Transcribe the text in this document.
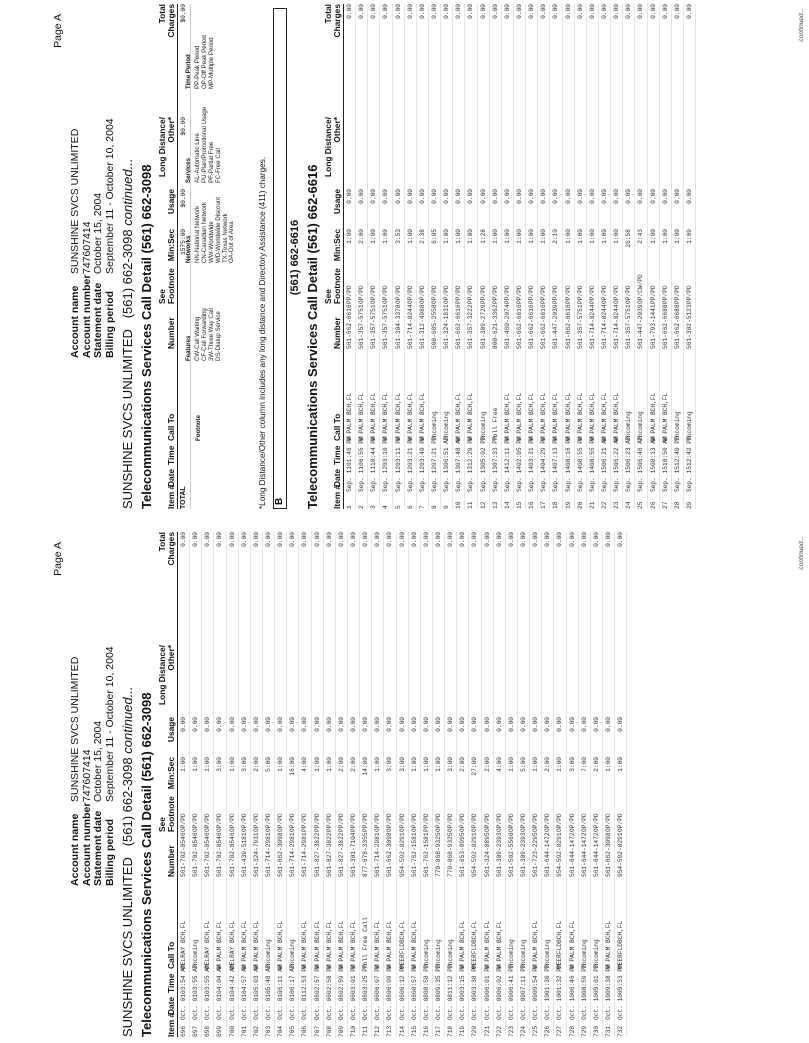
Page A
Account name
SUNSHINE SVCS UNLIMITED
Account number
747607414
Statement date
October 15, 2004
Billing period
September 11 - October 10, 2004
SUNSHINE SVCS UNLIMITED   (561) 662-3098 continued... Telecommunications Services Call Detail (561) 662-3098 Item #
Date
Time
Call To
Number
See Footnote
Min:Sec
Usage
Long Distance/ Other*
Total Charges
696
Oct. 01
03:54 AM
DELRAY BCH,FL
561-702-8546
OP/PD
1:00
0.00
0.00
697
Oct. 01
03:55 AM
Incoming
561-702-8546
OP/PD
1:00
0.00
0.00
698
Oct. 01
03:55 AM
DELRAY BCH,FL
561-702-8546
OP/PD
1:00
0.00
0.00
699
Oct. 01
04:04 AM
W PALM BCH,FL
561-702-8546
OP/PD
3:00
0.00
0.00
700
Oct. 01
04:42 AM
DELRAY BCH,FL
561-702-8546
OP/PD
1:00
0.00
0.00
701
Oct. 01
04:57 AM
W PALM BCH,FL
561-439-5181
OP/PD
3:00
0.00
0.00
702
Oct. 01
05:03 AM
W PALM BCH,FL
561-324-7931
OP/PD
2:00
0.00
0.00
703
Oct. 01
05:48 AM
Incoming
561-714-2981
OP/PD
5:00
0.00
0.00
704
Oct. 01
06:11 AM
W PALM BCH,FL
561-662-3098
OP/PD
1:00
0.00
0.00
705
Oct. 01
06:17 AM
Incoming
561-714-2981
OP/PD
16:00
0.00
0.00
706
Oct. 01
12:53 PM
W PALM BCH,FL
561-714-2981
PP/PD
4:00
0.00
0.00
707
Oct. 06
02:57 PM
W PALM BCH,FL
561-827-3822
PP/PD
1:00
0.00
0.00
708
Oct. 06
02:58 PM
W PALM BCH,FL
561-827-3822
PP/PD
1:00
0.00
0.00
709
Oct. 06
02:59 PM
W PALM BCH,FL
561-827-3822
PP/PD
2:00
0.00
0.00
710
Oct. 06
03:01 PM
W PALM BCH,FL
561-301-7104
PP/PD
2:00
0.00
0.00
711
Oct. 06
03:25 PM
Toll Free Call
877-678-3355
PP/PD
14:00
0.00
0.00
712
Oct. 06
06:07 PM
W PALM BCH,FL
561-714-2981
OP/PD
1:00
0.00
0.00
713
Oct. 06
06:09 PM
W PALM BCH,FL
561-662-3098
OP/PD
3:00
0.00
0.00
714
Oct. 06
06:12 PM
DEERFLDBCH,FL
954-592-0291
OP/PD
3:00
0.00
0.00
715
Oct. 06
08:57 PM
W PALM BCH,FL
561-762-1581
OP/PD
1:00
0.00
0.00
716
Oct. 08
08:58 PM
Incoming
561-762-1581
PP/PD
1:00
0.00
0.00
717
Oct. 08
09:35 PM
Incoming
770-868-9325
OP/PD
1:00
0.00
0.00
718
Oct. 08
11:12 PM
Incoming
770-868-9325
OP/PD
3:00
0.00
0.00
719
Oct. 09
03:15 PM
W PALM BCH,FL
561-653-0995
OP/PD
2:00
0.00
0.00
720
Oct. 09
03:38 PM
DEERFLDBCH,FL
954-592-0291
OP/PD
27:00
0.00
0.00
721
Oct. 09
06:01 PM
W PALM BCH,FL
561-324-8895
OP/PD
2:00
0.00
0.00
722
Oct. 09
06:02 PM
W PALM BCH,FL
561-309-2393
OP/PD
4:00
0.00
0.00
723
Oct. 09
06:41 PM
Incoming
561-502-5560
OP/PD
1:00
0.00
0.00
724
Oct. 09
07:11 PM
Incoming
561-309-2393
OP/PD
5:00
0.00
0.00
725
Oct. 09
09:54 PM
W PALM BCH,FL
561-723-2295
OP/PD
1:00
0.00
0.00
726
Oct. 10
01:30 PM
Incoming
561-644-1472
OP/PD
2:00
0.00
0.00
727
Oct. 10
01:32 PM
DEERFLDBCH,FL
954-592-0291
OP/PD
1:00
0.00
0.00
728
Oct. 10
06:46 PM
W PALM BCH,FL
561-644-1472
OP/PD
3:00
0.00
0.00
729
Oct. 10
08:59 PM
Incoming
561-644-1472
OP/PD
7:00
0.00
0.00
730
Oct. 10
09:01 PM
Incoming
561-644-1472
OP/PD
2:00
0.00
0.00
731
Oct. 10
09:38 PM
W PALM BCH,FL
561-662-3098
OP/PD
1:00
0.00
0.00
732
Oct. 10
09:53 PM
DEERFLDBCH,FL
954-592-0291
OP/PD
1:00
0.00
0.00	continued...
Page A
Account name
SUNSHINE SVCS UNLIMITED
Account number
747607414
Statement date
October 15, 2004
Billing period
September 11 - October 10, 2004
SUNSHINE SVCS UNLIMITED   (561) 662-3098 continued... Telecommunications Services Call Detail (561) 662-3098 Item #
Date
Time
Call To
Number
See Footnote
Min:Sec
Usage
Long Distance/ Other*
Total Charges
TOTAL
1575:00
$0.00
$0.00
$0.00
Footnote
Features CW-Call Waiting CF-Call Forwarding 3W-Three Way Call DS-Dialup Service
Networks NN-National Network CN-Canadian Network WW-Worldwide WD-Worldwide Discount TX-Texas Network OA-Out of Area
Services AL-Automatic Line PU-Plan/Promotional Usage PF-Partial Free FC-Free Call
Time Period PP-Peak Period OP-Off Peak Period MP-Multiple Period
*Long Distance/Other column includes any long distance and Directory Assistance (411) charges. B
(561) 662-6616 Telecommunications Services Call Detail (561) 662-6616 Item #
Date
Time
Call To
Number
See Footnote
Min:Sec
Usage
Long Distance/ Other*
Total Charges
1
Sep. 11
01:46 PM
W PALM BCH,FL
561-662-6616
PP/PD
1:00
0.00
0.00
2
Sep. 11
06:55 PM
W PALM BCH,FL
561-357-5751
OP/PD
2:00
0.00
0.00
3
Sep. 11
10:44 PM
W PALM BCH,FL
561-357-5751
OP/PD
1:00
0.00
0.00
4
Sep. 12
03:10 PM
W PALM BCH,FL
561-357-5751
OP/PD
1:00
0.00
0.00
5
Sep. 12
03:11 PM
W PALM BCH,FL
561-304-3378
OP/PD
3:53
0.00
0.00
6
Sep. 12
03:21 PM
W PALM BCH,FL
561-714-0244
OP/PD
1:00
0.00
0.00
7
Sep. 12
03:40 PM
W PALM BCH,FL
561-312-4988
OP/PD
2:38
0.00
0.00
8
Sep. 12
07:21 PM
Incoming
508-685-2558
OP/PD
6:05
0.00
0.00
9
Sep. 13
06:51 AM
Incoming
561-324-1831
OP/PD
1:00
0.00
0.00
10
Sep. 13
07:48 AM
W PALM BCH,FL
561-662-6616
PP/PD
1:00
0.00
0.00
11
Sep. 13
12:29 PM
W PALM BCH,FL
561-357-3222
PP/PD
1:00
0.00
0.00
12
Sep. 13
05:02 PM
Incoming
561-389-2729
PP/PD
1:28
0.00
0.00
13
Sep. 13
07:33 PM
Toll Free
800-621-3362
PP/PD
1:00
0.00
0.00
14
Sep. 14
12:11 PM
W PALM BCH,FL
561-460-2074
PP/PD
1:00
0.00
0.00
15
Sep. 14
02:05 PM
W PALM BCH,FL
561-662-6616
PP/PD
1:00
0.00
0.00
16
Sep. 14
03:31 PM
W PALM BCH,FL
561-662-6616
PP/PD
1:00
0.00
0.00
17
Sep. 14
04:29 PM
W PALM BCH,FL
561-662-6616
PP/PD
1:00
0.00
0.00
18
Sep. 14
07:13 PM
W PALM BCH,FL
561-447-2039
PP/PD
2:10
0.00
0.00
19
Sep. 14
08:16 PM
W PALM BCH,FL
561-662-6616
PP/PD
1:00
0.00
0.00
20
Sep. 14
08:55 PM
W PALM BCH,FL
561-357-5751
PP/PD
1:00
0.00
0.00
21
Sep. 14
08:55 PM
W PALM BCH,FL
561-714-0244
PP/PD
1:00
0.00
0.00
22
Sep. 15
06:21 AM
W PALM BCH,FL
561-714-0244
OP/PD
1:00
0.00
0.00
23
Sep. 15
06:22 AM
W PALM BCH,FL
561-714-0244
OP/PD
1:00
0.00
0.00
24
Sep. 15
06:23 AM
Incoming
561-357-5751
OP/PD
26:58
0.00
0.00
25
Sep. 15
06:46 AM
Incoming
561-447-2039
OP/CW/PD
2:43
0.00
0.00
26
Sep. 15
08:13 AM
W PALM BCH,FL
561-793-1441
PP/PD
1:00
0.00
0.00
27
Sep. 15
10:50 AM
W PALM BCH,FL
561-662-6688
PP/PD
1:00
0.00
0.00
28
Sep. 15
12:40 PM
Incoming
561-662-6688
PP/PD
1:00
0.00
0.00
29
Sep. 15
12:42 PM
Incoming
561-302-5123
PP/PD
1:09
0.00
0.00	continued...
